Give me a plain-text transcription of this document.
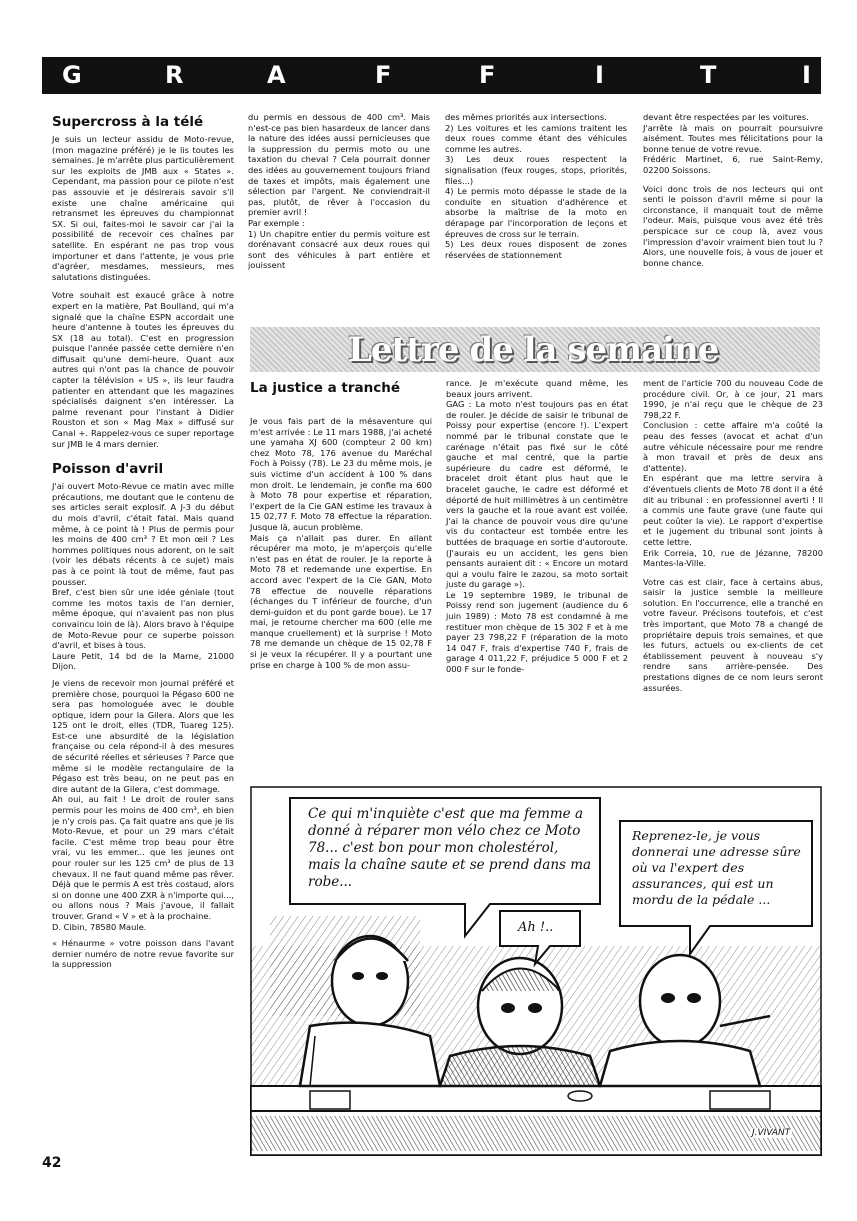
G	R	A	F	F	I	T	I
Supercross à la télé
Je suis un lecteur assidu de Moto-revue, (mon magazine préféré) je le lis toutes les semaines. Je m'arrête plus particulièrement sur les exploits de JMB aux « States ». Cependant, ma passion pour ce pilote n'est pas assouvie et je désirerais savoir s'il existe une chaîne américaine qui retransmet les épreuves du championnat SX. Si oui, faites-moi le savoir car j'ai la possibilité de recevoir ces chaînes par satellite. En espérant ne pas trop vous importuner et dans l'attente, je vous prie d'agréer, mesdames, messieurs, mes salutations distinguées.
Votre souhait est exaucé grâce à notre expert en la matière, Pat Boulland, qui m'a signalé que la chaîne ESPN accordait une heure d'antenne à toutes les épreuves du SX (18 au total). C'est en progression puisque l'année passée cette dernière n'en diffusait qu'une demi-heure. Quant aux autres qui n'ont pas la chance de pouvoir capter la télévision « US », ils leur faudra patienter en attendant que les magazines spécialisés daignent s'en intéresser. La palme revenant pour l'instant à Didier Rouston et son « Mag Max » diffusé sur Canal +. Rappelez-vous ce super reportage sur JMB le 4 mars dernier.
Poisson d'avril
J'ai ouvert Moto-Revue ce matin avec mille précautions, me doutant que le contenu de ses articles serait explosif. A J-3 du début du mois d'avril, c'était fatal. Mais quand même, à ce point là ! Plus de permis pour les moins de 400 cm³ ? Et mon œil ? Les hommes politiques nous adorent, on le sait (voir les débats récents à ce sujet) mais pas à ce point là tout de même, faut pas pousser.
Bref, c'est bien sûr une idée géniale (tout comme les motos taxis de l'an dernier, même époque, qui n'avaient pas non plus convaincu loin de là). Alors bravo à l'équipe de Moto-Revue pour ce superbe poisson d'avril, et bises à tous.
Laure Petit, 14 bd de la Marne, 21000 Dijon.
Je viens de recevoir mon journal préféré et première chose, pourquoi la Pégaso 600 ne sera pas homologuée avec le double optique, idem pour la Gilera. Alors que les 125 ont le droit, elles (TDR, Tuareg 125). Est-ce une absurdité de la législation française ou cela répond-il à des mesures de sécurité réelles et sérieuses ? Parce que même si le modèle rectangulaire de la Pégaso est très beau, on ne peut pas en dire autant de la Gilera, c'est dommage.
Ah oui, au fait ! Le droit de rouler sans permis pour les moins de 400 cm³, eh bien je n'y crois pas. Ça fait quatre ans que je lis Moto-Revue, et pour un 29 mars c'était facile. C'est même trop beau pour être vrai, vu les emmer... que les jeunes ont pour rouler sur les 125 cm³ de plus de 13 chevaux. Il ne faut quand même pas rêver. Déjà que le permis A est très costaud, alors si on donne une 400 ZXR à n'importe qui..., ou allons nous ? Mais j'avoue, il fallait trouver. Grand « V » et à la prochaine.
D. Cibin, 78580 Maule.
« Hénaurme » votre poisson dans l'avant dernier numéro de notre revue favorite sur la suppression
du permis en dessous de 400 cm³. Mais n'est-ce pas bien hasardeux de lancer dans la nature des idées aussi pernicieuses que la suppression du permis moto ou une taxation du cheval ? Cela pourrait donner des idées au gouvernement toujours friand de taxes et impôts, mais également une sélection par l'argent. Ne conviendrait-il pas, plutôt, de rêver à l'occasion du premier avril !
Par exemple :
1) Un chapitre entier du permis voiture est dorénavant consacré aux deux roues qui sont des véhicules à part entière et jouissent
des mêmes priorités aux intersections.
2) Les voitures et les camions traitent les deux roues comme étant des véhicules comme les autres.
3) Les deux roues respectent la signalisation (feux rouges, stops, priorités, files...)
4) Le permis moto dépasse le stade de la conduite en situation d'adhérence et absorbe la maîtrise de la moto en dérapage par l'incorporation de leçons et épreuves de cross sur le terrain.
5) Les deux roues disposent de zones réservées de stationnement
devant être respectées par les voitures.
J'arrête là mais on pourrait poursuivre aisément. Toutes mes félicitations pour la bonne tenue de votre revue.
Frédéric Martinet, 6, rue Saint-Remy, 02200 Soissons.
Voici donc trois de nos lecteurs qui ont senti le poisson d'avril même si pour la circonstance, il manquait tout de même l'odeur. Mais, puisque vous avez été très perspicace sur ce coup là, avez vous l'impression d'avoir vraiment bien tout lu ? Alors, une nouvelle fois, à vous de jouer et bonne chance.
Lettre de la semaine
La justice a tranché
Je vous fais part de la mésaventure qui m'est arrivée : Le 11 mars 1988, j'ai acheté une yamaha XJ 600 (compteur 2 00 km) chez Moto 78, 176 avenue du Maréchal Foch à Poissy (78). Le 23 du même mois, je suis victime d'un accident à 100 % dans mon droit. Le lendemain, je confie ma 600 à Moto 78 pour expertise et réparation, l'expert de la Cie GAN estime les travaux à 15 02,77 F. Moto 78 effectue la réparation. Jusque là, aucun problème.
Mais ça n'allait pas durer. En allant récupérer ma moto, je m'aperçois qu'elle n'est pas en état de rouler. Je la reporte à Moto 78 et redemande une expertise. En accord avec l'expert de la Cie GAN, Moto 78 effectue de nouvelle réparations (échanges du T inférieur de fourche, d'un demi-guidon et du pont garde boue). Le 17 mai, je retourne chercher ma 600 (elle me manque cruellement) et là surprise ! Moto 78 me demande un chèque de 15 02,78 F si je veux la récupérer. Il y a pourtant une prise en charge à 100 % de mon assu-
rance. Je m'exécute quand même, les beaux jours arrivent.
GAG : La moto n'est toujours pas en état de rouler. Je décide de saisir le tribunal de Poissy pour expertise (encore !). L'expert nommé par le tribunal constate que le carénage n'était pas fixé sur le côté gauche et mal centré, que la partie supérieure du cadre est déformé, le bracelet droit étant plus haut que le bracelet gauche, le cadre est déformé et déporté de huit millimètres à un centimètre vers la gauche et la roue avant est voilée. J'ai la chance de pouvoir vous dire qu'une vis du contacteur est tombée entre les buttées de braquage en sortie d'autoroute. (J'aurais eu un accident, les gens bien pensants auraient dit : « Encore un motard qui a voulu faire le zazou, sa moto sortait juste du garage »).
Le 19 septembre 1989, le tribunal de Poissy rend son jugement (audience du 6 juin 1989) : Moto 78 est condamné à me restituer mon chèque de 15 302 F et à me payer 23 798,22 F (réparation de la moto 14 047 F, frais d'expertise 740 F, frais de garage 4 011,22 F, préjudice 5 000 F et 2 000 F sur le fonde-
ment de l'article 700 du nouveau Code de procédure civil. Or, à ce jour, 21 mars 1990, je n'ai reçu que le chèque de 23 798,22 F.
Conclusion : cette affaire m'a coûté la peau des fesses (avocat et achat d'un autre véhicule nécessaire pour me rendre à mon travail et près de deux ans d'attente).
En espérant que ma lettre servira à d'éventuels clients de Moto 78 dont il a été dit au tribunal : en professionnel averti ! Il a commis une faute grave (une faute qui peut coûter la vie). Le rapport d'expertise et le jugement du tribunal sont joints à cette lettre.
Erik Correia, 10, rue de Jézanne, 78200 Mantes-la-Ville.
Votre cas est clair, face à certains abus, saisir la justice semble la meilleure solution. En l'occurrence, elle a tranché en votre faveur. Précisons toutefois, et c'est très important, que Moto 78 a changé de propriétaire depuis trois semaines, et que les futurs, actuels ou ex-clients de cet établissement peuvent à nouveau s'y rendre sans arrière-pensée. Des prestations dignes de ce nom leurs seront assurées.
Ce qui m'inquiète c'est que ma femme a donné à réparer mon vélo chez ce Moto 78... c'est bon pour mon cholestérol, mais la chaîne saute et se prend dans ma robe...
Reprenez-le, je vous donnerai une adresse sûre où va l'expert des assurances, qui est un mordu de la pédale ...
Ah !..
J.VIVANT
42
